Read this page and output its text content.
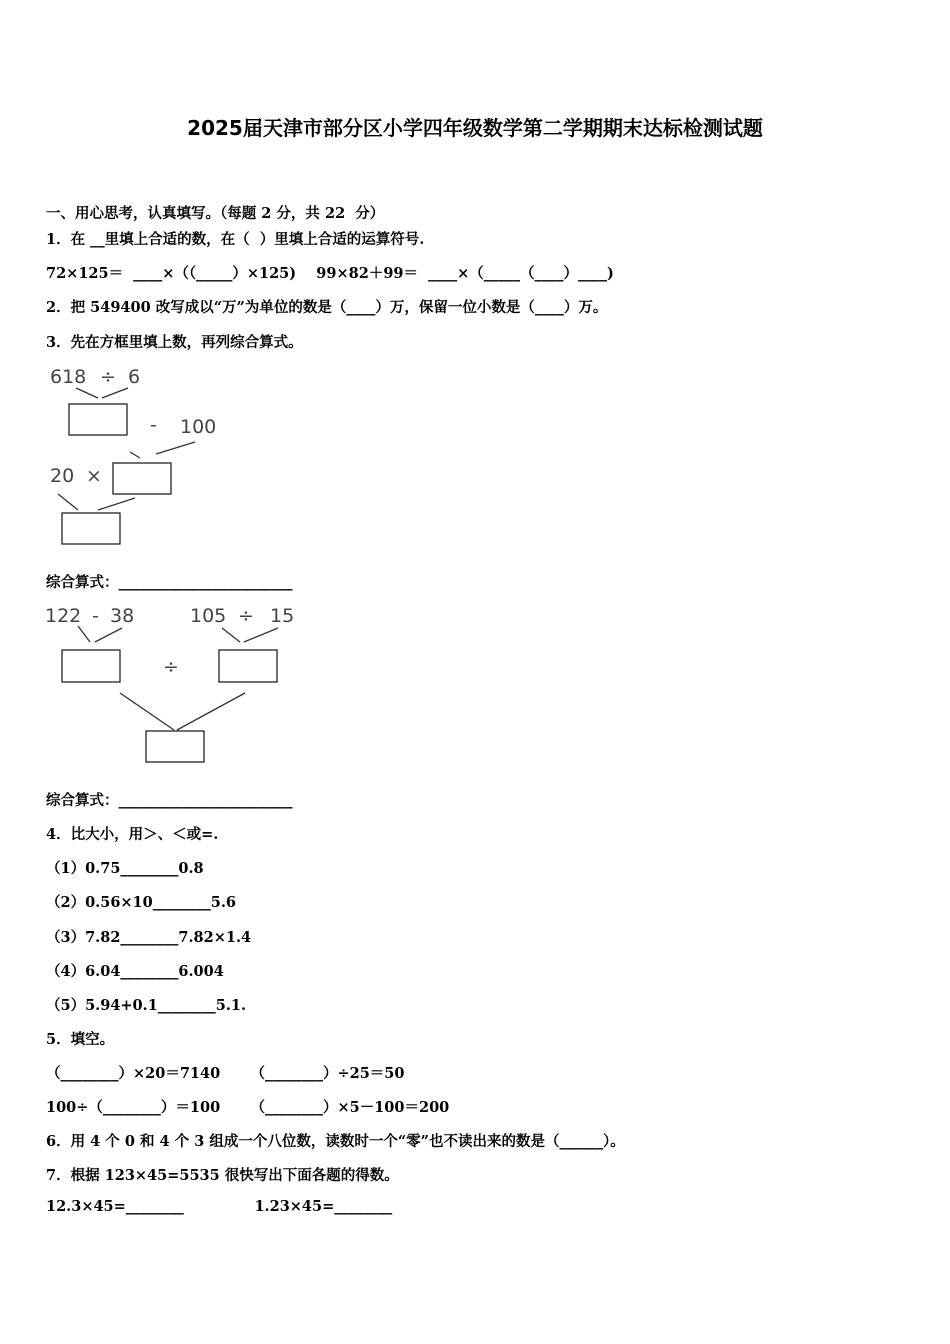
2025届天津市部分区小学四年级数学第二学期期末达标检测试题
一、用心思考，认真填写。（每题 2 分，共 22  分）
1．在 __里填上合适的数，在（  ）里填上合适的运算符号.
72×125＝  ____×（（_____）×125)    99×82＋99＝  ____×（_____（____）____)
2．把 549400 改写成以“万”为单位的数是（____）万，保留一位小数是（____）万。
3．先在方框里填上数，再列综合算式。
618 ÷ 6
- 100
20 ×
综合算式：________________________
122 - 38	105 ÷ 15
÷
综合算式：________________________
4．比大小，用＞、＜或=.
（1）0.75________0.8
（2）0.56×10________5.6
（3）7.82________7.82×1.4
（4）6.04________6.004
（5）5.94+0.1________5.1.
5．填空。
（________）×20＝7140      （________）÷25＝50
100÷（________）＝100      （________）×5－100＝200
6．用 4 个 0 和 4 个 3 组成一个八位数，读数时一个“零”也不读出来的数是（______）。
7．根据 123×45=5535 很快写出下面各题的得数。
12.3×45=________              1.23×45=________
